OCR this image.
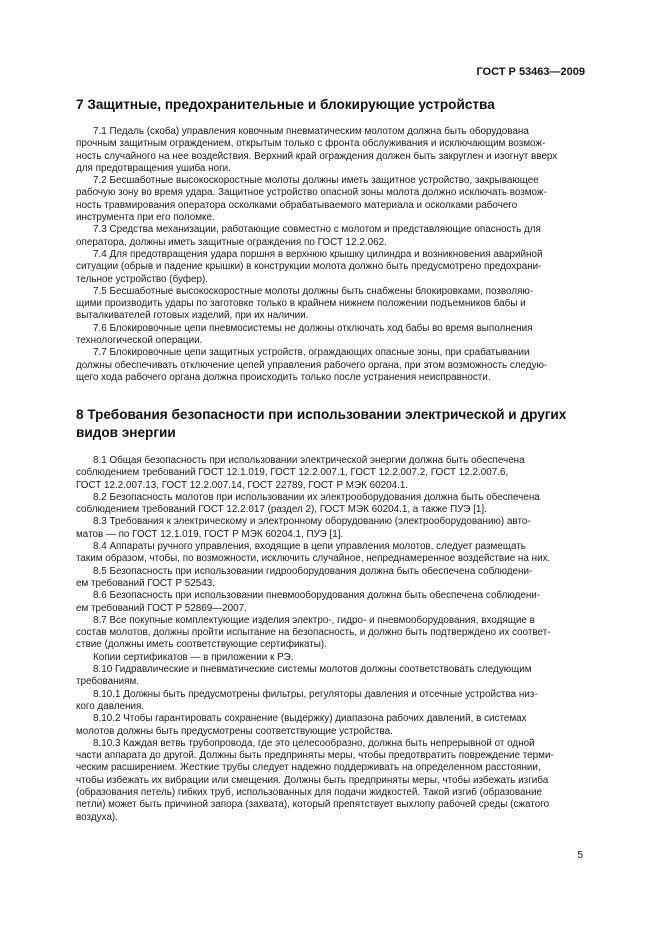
ГОСТ Р 53463—2009
7 Защитные, предохранительные и блокирующие устройства
7.1 Педаль (скоба) управления ковочным пневматическим молотом должна быть оборудована
прочным защитным ограждением, открытым только с фронта обслуживания и исключающим возмож-
ность случайного на нее воздействия. Верхний край ограждения должен быть закруглен и изогнут вверх
для предотвращения ушиба ноги.
7.2 Бесшаботные высокоскоростные молоты должны иметь защитное устройство, закрывающее
рабочую зону во время удара. Защитное устройство опасной зоны молота должно исключать возмож-
ность травмирования оператора осколками обрабатываемого материала и осколками рабочего
инструмента при его поломке.
7.3 Средства механизации, работающие совместно с молотом и представляющие опасность для
оператора, должны иметь защитные ограждения по ГОСТ 12.2.062.
7.4 Для предотвращения удара поршня в верхнюю крышку цилиндра и возникновения аварийной
ситуации (обрыв и падение крышки) в конструкции молота должно быть предусмотрено предохрани-
тельное устройство (буфер).
7.5 Бесшаботные высокоскоростные молоты должны быть снабжены блокировками, позволяю-
щими производить удары по заготовке только в крайнем нижнем положении подъемников бабы и
выталкивателей готовых изделий, при их наличии.
7.6 Блокировочные цепи пневмосистемы не должны отключать ход бабы во время выполнения
технологической операции.
7.7 Блокировочные цепи защитных устройств, ограждающих опасные зоны, при срабатывании
должны обеспечивать отключение цепей управления рабочего органа, при этом возможность следую-
щего хода рабочего органа должна происходить только после устранения неисправности.
8 Требования безопасности при использовании электрической и других
видов энергии
8.1 Общая безопасность при использовании электрической энергии должна быть обеспечена
соблюдением требований ГОСТ 12.1.019, ГОСТ 12.2.007.1, ГОСТ 12.2.007.2, ГОСТ 12.2.007.6,
ГОСТ 12.2.007.13, ГОСТ 12.2.007.14, ГОСТ 22789, ГОСТ Р МЭК 60204.1.
8.2 Безопасность молотов при использовании их электрооборудования должна быть обеспечена
соблюдением требований ГОСТ 12.2.017 (раздел 2), ГОСТ МЭК 60204.1, а также ПУЭ [1].
8.3 Требования к электрическому и электронному оборудованию (электрооборудованию) авто-
матов — по ГОСТ 12.1.019, ГОСТ Р МЭК 60204.1, ПУЭ [1].
8.4 Аппараты ручного управления, входящие в цепи управления молотов, следует размещать
таким образом, чтобы, по возможности, исключить случайное, непреднамеренное воздействие на них.
8.5 Безопасность при использовании гидрооборудования должна быть обеспечена соблюдени-
ем требований ГОСТ Р 52543.
8.6 Безопасность при использовании пневмооборудования должна быть обеспечена соблюдени-
ем требований ГОСТ Р 52869—2007.
8.7 Все покупные комплектующие изделия электро-, гидро- и пневмооборудования, входящие в
состав молотов, должны пройти испытание на безопасность, и должно быть подтверждено их соответ-
ствие (должны иметь соответствующие сертификаты).
Копии сертификатов — в приложении к РЭ.
8.10 Гидравлические и пневматические системы молотов должны соответствовать следующим
требованиям.
8.10.1 Должны быть предусмотрены фильтры, регуляторы давления и отсечные устройства низ-
кого давления.
8.10.2 Чтобы гарантировать сохранение (выдержку) диапазона рабочих давлений, в системах
молотов должны быть предусмотрены соответствующие устройства.
8.10.3 Каждая ветвь трубопровода, где это целесообразно, должна быть непрерывной от одной
части аппарата до другой. Должны быть предприняты меры, чтобы предотвратить повреждение терми-
ческим расширением. Жесткие трубы следует надежно поддерживать на определенном расстоянии,
чтобы избежать их вибрации или смещения. Должны быть предприняты меры, чтобы избежать изгиба
(образования петель) гибких труб, использованных для подачи жидкостей. Такой изгиб (образование
петли) может быть причиной запора (захвата), который препятствует выхлопу рабочей среды (сжатого
воздуха).
5
